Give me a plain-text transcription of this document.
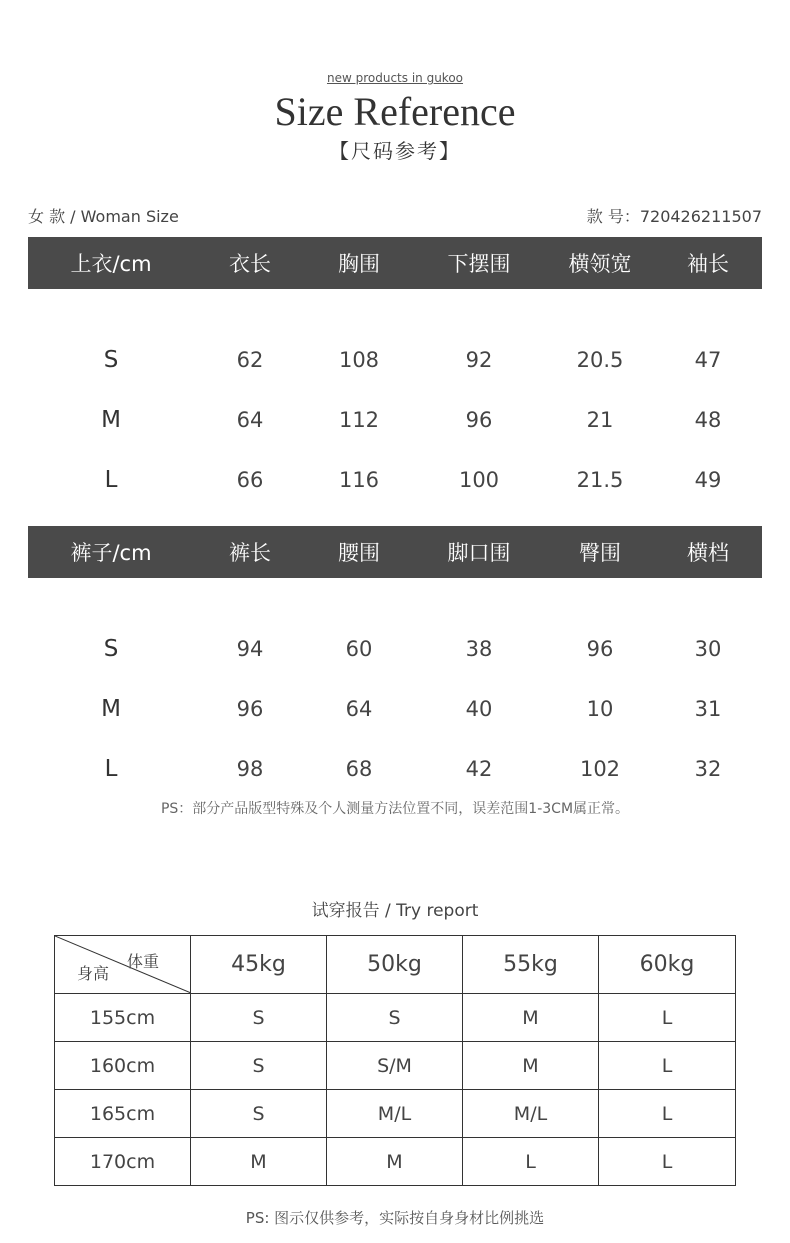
new products in gukoo
Size Reference
【尺码参考】
女 款 / Woman Size	款 号：720426211507
上衣/cm	衣长	胸围	下摆围	横领宽	袖长

S	62	108	92	20.5	47
M	64	112	96	21	48
L	66	116	100	21.5	49
裤子/cm	裤长	腰围	脚口围	臀围	横档

S	94	60	38	96	30
M	96	64	40	10	31
L	98	68	42	102	32
PS：部分产品版型特殊及个人测量方法位置不同，误差范围1-3CM属正常。
试穿报告 / Try report
身高
体重	45kg	50kg	55kg	60kg
155cm	S	S	M	L
160cm	S	S/M	M	L
165cm	S	M/L	M/L	L
170cm	M	M	L	L
PS: 图示仅供参考，实际按自身身材比例挑选
